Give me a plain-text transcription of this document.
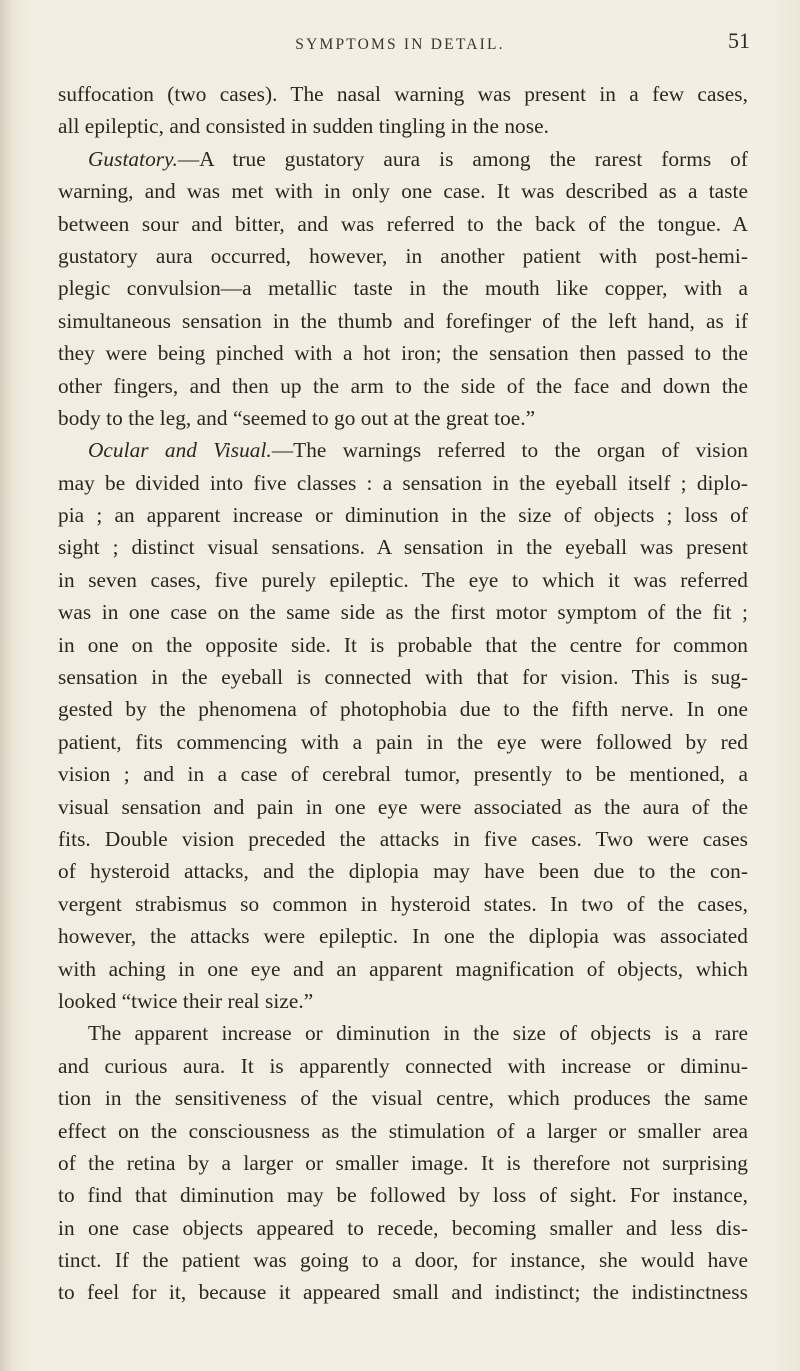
SYMPTOMS IN DETAIL.	51
suffocation (two cases). The nasal warning was present in a few cases,
all epileptic, and consisted in sudden tingling in the nose.
Gustatory.—A true gustatory aura is among the rarest forms of
warning, and was met with in only one case. It was described as a taste
between sour and bitter, and was referred to the back of the tongue. A
gustatory aura occurred, however, in another patient with post-hemi-
plegic convulsion—a metallic taste in the mouth like copper, with a
simultaneous sensation in the thumb and forefinger of the left hand, as if
they were being pinched with a hot iron; the sensation then passed to the
other fingers, and then up the arm to the side of the face and down the
body to the leg, and “seemed to go out at the great toe.”
Ocular and Visual.—The warnings referred to the organ of vision
may be divided into five classes : a sensation in the eyeball itself ; diplo-
pia ; an apparent increase or diminution in the size of objects ; loss of
sight ; distinct visual sensations. A sensation in the eyeball was present
in seven cases, five purely epileptic. The eye to which it was referred
was in one case on the same side as the first motor symptom of the fit ;
in one on the opposite side. It is probable that the centre for common
sensation in the eyeball is connected with that for vision. This is sug-
gested by the phenomena of photophobia due to the fifth nerve. In one
patient, fits commencing with a pain in the eye were followed by red
vision ; and in a case of cerebral tumor, presently to be mentioned, a
visual sensation and pain in one eye were associated as the aura of the
fits. Double vision preceded the attacks in five cases. Two were cases
of hysteroid attacks, and the diplopia may have been due to the con-
vergent strabismus so common in hysteroid states. In two of the cases,
however, the attacks were epileptic. In one the diplopia was associated
with aching in one eye and an apparent magnification of objects, which
looked “twice their real size.”
The apparent increase or diminution in the size of objects is a rare
and curious aura. It is apparently connected with increase or diminu-
tion in the sensitiveness of the visual centre, which produces the same
effect on the consciousness as the stimulation of a larger or smaller area
of the retina by a larger or smaller image. It is therefore not surprising
to find that diminution may be followed by loss of sight. For instance,
in one case objects appeared to recede, becoming smaller and less dis-
tinct. If the patient was going to a door, for instance, she would have
to feel for it, because it appeared small and indistinct; the indistinctness
